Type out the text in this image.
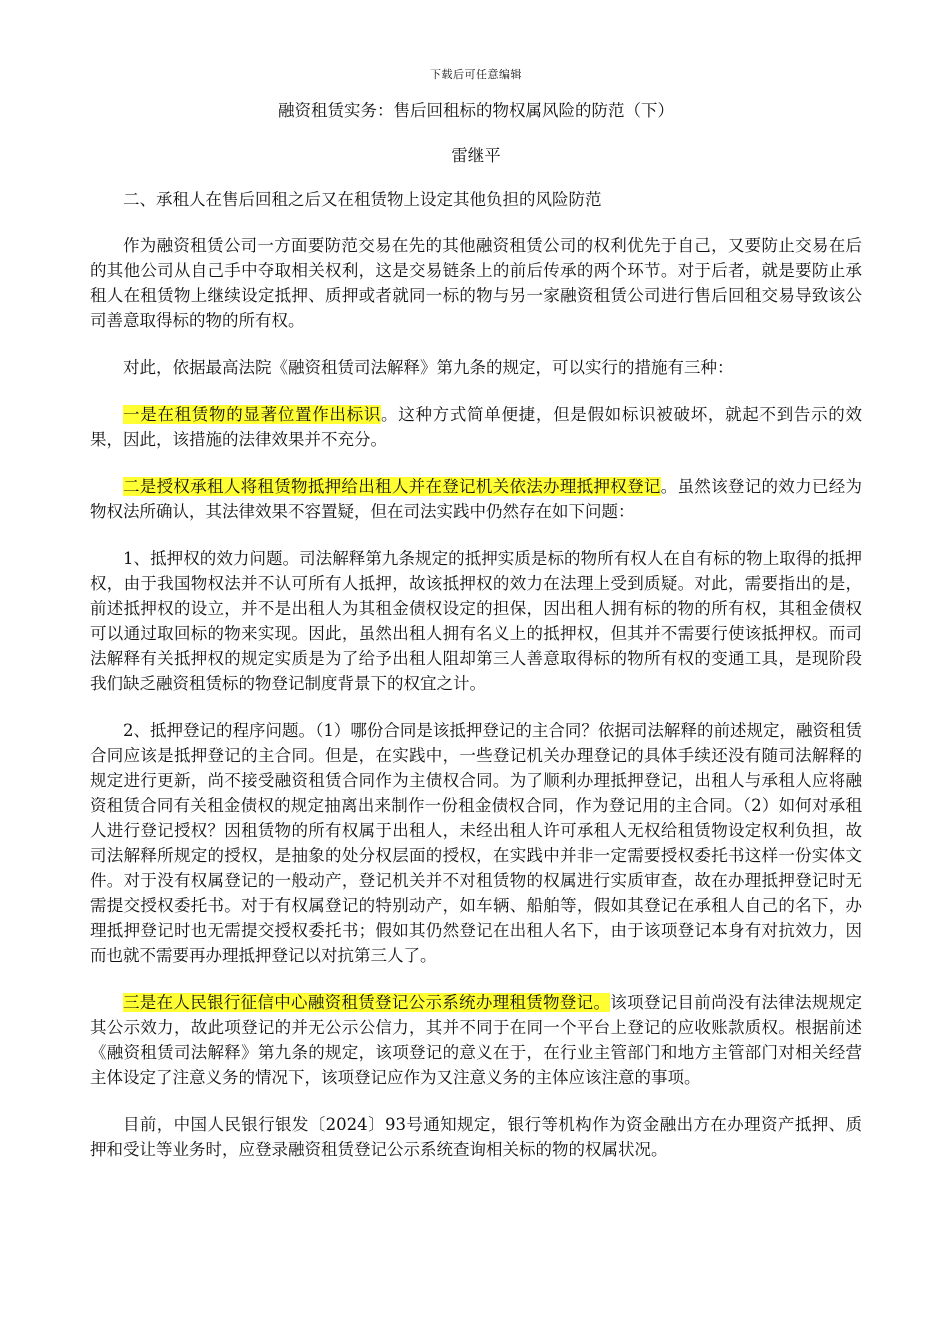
下载后可任意编辑
融资租赁实务：售后回租标的物权属风险的防范（下）
雷继平
二、承租人在售后回租之后又在租赁物上设定其他负担的风险防范

作为融资租赁公司一方面要防范交易在先的其他融资租赁公司的权利优先于自己，又要防止交易在后的其他公司从自己手中夺取相关权利，这是交易链条上的前后传承的两个环节。对于后者，就是要防止承租人在租赁物上继续设定抵押、质押或者就同一标的物与另一家融资租赁公司进行售后回租交易导致该公司善意取得标的物的所有权。

对此，依据最高法院《融资租赁司法解释》第九条的规定，可以实行的措施有三种：

一是在租赁物的显著位置作出标识。这种方式简单便捷，但是假如标识被破坏，就起不到告示的效果，因此，该措施的法律效果并不充分。

二是授权承租人将租赁物抵押给出租人并在登记机关依法办理抵押权登记。虽然该登记的效力已经为物权法所确认，其法律效果不容置疑，但在司法实践中仍然存在如下问题：

1、抵押权的效力问题。司法解释第九条规定的抵押实质是标的物所有权人在自有标的物上取得的抵押权，由于我国物权法并不认可所有人抵押，故该抵押权的效力在法理上受到质疑。对此，需要指出的是，前述抵押权的设立，并不是出租人为其租金债权设定的担保，因出租人拥有标的物的所有权，其租金债权可以通过取回标的物来实现。因此，虽然出租人拥有名义上的抵押权，但其并不需要行使该抵押权。而司法解释有关抵押权的规定实质是为了给予出租人阻却第三人善意取得标的物所有权的变通工具，是现阶段我们缺乏融资租赁标的物登记制度背景下的权宜之计。

2、抵押登记的程序问题。（1）哪份合同是该抵押登记的主合同？依据司法解释的前述规定，融资租赁合同应该是抵押登记的主合同。但是，在实践中，一些登记机关办理登记的具体手续还没有随司法解释的规定进行更新，尚不接受融资租赁合同作为主债权合同。为了顺利办理抵押登记，出租人与承租人应将融资租赁合同有关租金债权的规定抽离出来制作一份租金债权合同，作为登记用的主合同。（2）如何对承租人进行登记授权？因租赁物的所有权属于出租人，未经出租人许可承租人无权给租赁物设定权利负担，故司法解释所规定的授权，是抽象的处分权层面的授权，在实践中并非一定需要授权委托书这样一份实体文件。对于没有权属登记的一般动产，登记机关并不对租赁物的权属进行实质审查，故在办理抵押登记时无需提交授权委托书。对于有权属登记的特别动产，如车辆、船舶等，假如其登记在承租人自己的名下，办理抵押登记时也无需提交授权委托书；假如其仍然登记在出租人名下，由于该项登记本身有对抗效力，因而也就不需要再办理抵押登记以对抗第三人了。

三是在人民银行征信中心融资租赁登记公示系统办理租赁物登记。该项登记目前尚没有法律法规规定其公示效力，故此项登记的并无公示公信力，其并不同于在同一个平台上登记的应收账款质权。根据前述《融资租赁司法解释》第九条的规定，该项登记的意义在于，在行业主管部门和地方主管部门对相关经营主体设定了注意义务的情况下，该项登记应作为又注意义务的主体应该注意的事项。

目前，中国人民银行银发〔2024〕93号通知规定，银行等机构作为资金融出方在办理资产抵押、质押和受让等业务时，应登录融资租赁登记公示系统查询相关标的物的权属状况。
